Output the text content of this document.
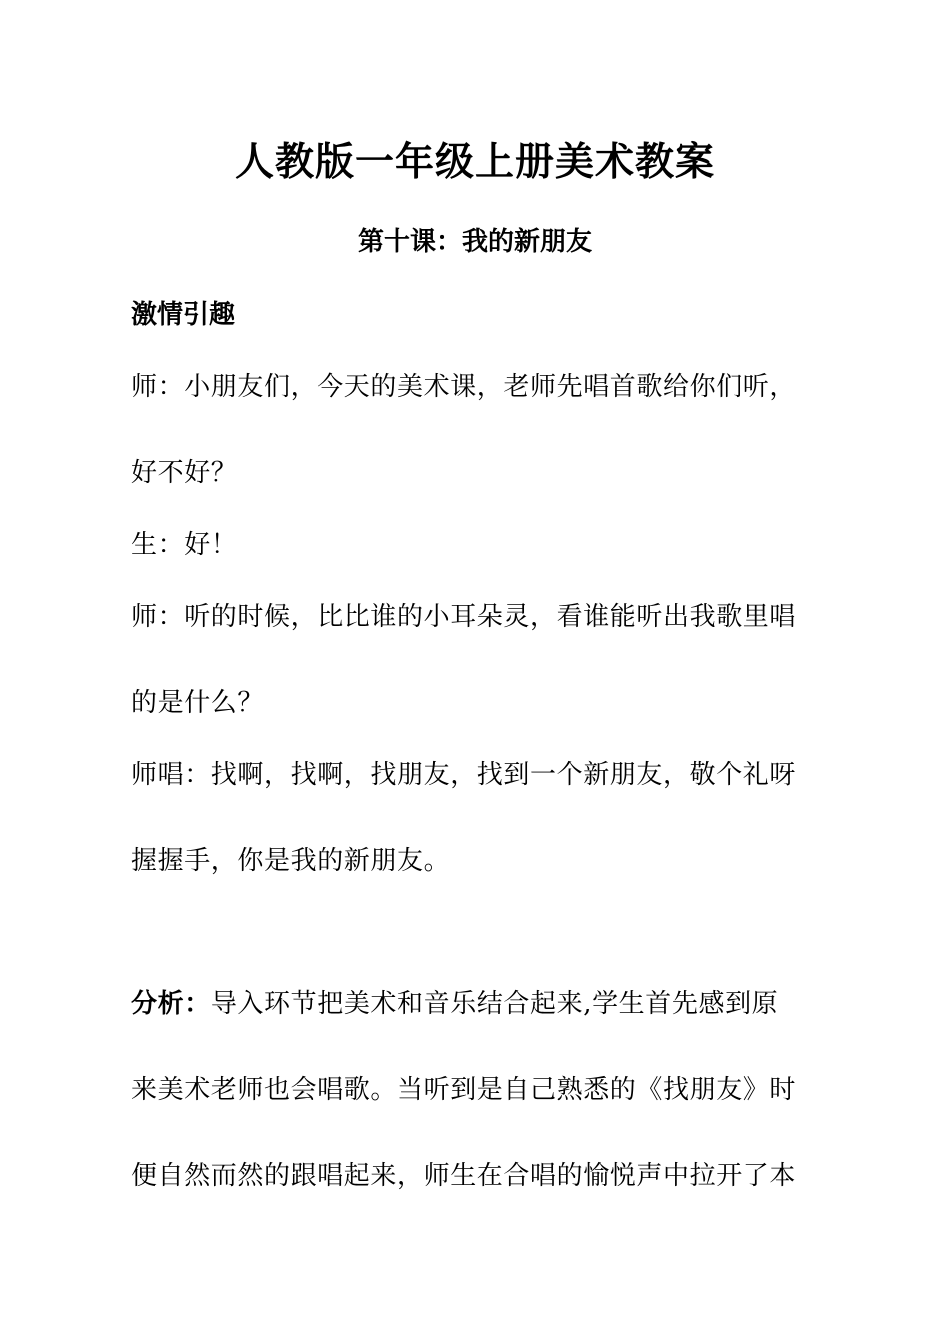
人教版一年级上册美术教案
第十课：我的新朋友
激情引趣
师：小朋友们，今天的美术课，老师先唱首歌给你们听，
好不好？
生：好！
师：听的时候，比比谁的小耳朵灵，看谁能听出我歌里唱
的是什么？
师唱：找啊，找啊，找朋友，找到一个新朋友，敬个礼呀
握握手，你是我的新朋友。
分析：导入环节把美术和音乐结合起来,学生首先感到原
来美术老师也会唱歌。当听到是自己熟悉的《找朋友》时
便自然而然的跟唱起来，师生在合唱的愉悦声中拉开了本
